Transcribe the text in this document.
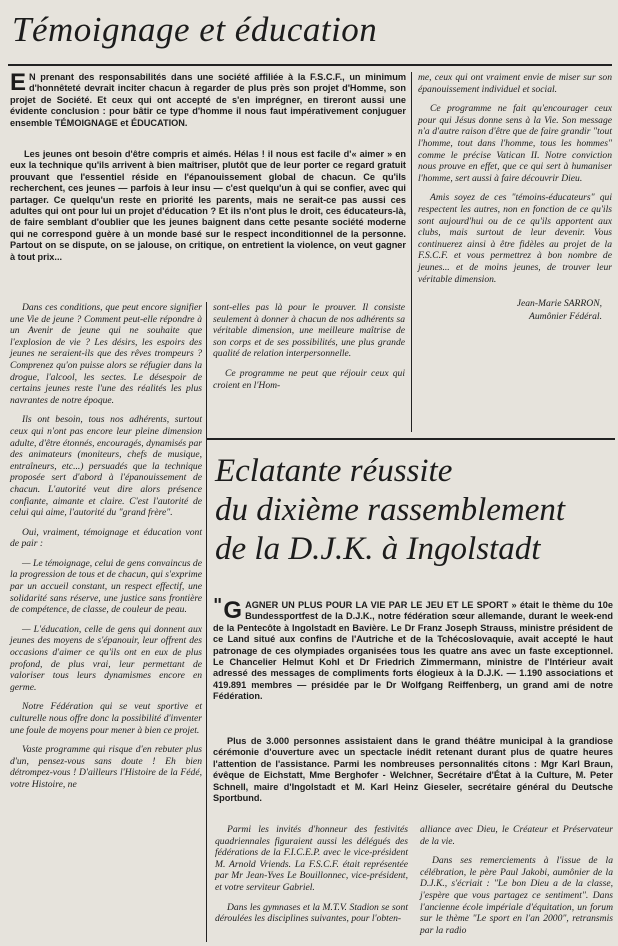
Témoignage et éducation
E N prenant des responsabilités dans une société affiliée à la F.S.C.F., un minimum d'honnêteté devrait inciter chacun à regarder de plus près son projet d'Homme, son projet de Société. Et ceux qui ont accepté de s'en imprégner, en tireront aussi une évidente conclusion : pour bâtir ce type d'homme il nous faut impérativement conjuguer ensemble TÉMOIGNAGE et ÉDUCATION.

Les jeunes ont besoin d'être compris et aimés. Hélas ! il nous est facile d'« aimer » en eux la technique qu'ils arrivent à bien maîtriser, plutôt que de leur porter ce regard gratuit prouvant que l'essentiel réside en l'épanouissement global de chacun. Ce qu'ils recherchent, ces jeunes — parfois à leur insu — c'est quelqu'un à qui se confier, avec qui partager. Ce quelqu'un reste en priorité les parents, mais ne serait-ce pas aussi ces adultes qui ont pour lui un projet d'éducation ? Et ils n'ont plus le droit, ces éducateurs-là, de faire semblant d'oublier que les jeunes baignent dans cette pesante société moderne qui ne correspond guère à un monde basé sur le respect inconditionnel de la personne. Partout on se dispute, on se jalouse, on critique, on entretient la violence, on veut gagner à tout prix...

Dans ces conditions, que peut encore signifier une Vie de jeune ? Comment peut-elle répondre à un Avenir de jeune qui ne souhaite que l'explosion de vie ? Les désirs, les espoirs des jeunes ne seraient-ils que des rêves trompeurs ? Comprenez qu'on puisse alors se réfugier dans la drogue, l'alcool, les sectes. Le désespoir de certains jeunes reste l'une des réalités les plus navrantes de notre époque.

Ils ont besoin, tous nos adhérents, surtout ceux qui n'ont pas encore leur pleine dimension adulte, d'être étonnés, encouragés, dynamisés par des animateurs (moniteurs, chefs de musique, entraîneurs, etc...) persuadés que la technique proposée sert d'abord à l'épanouissement de chacun. L'autorité veut dire alors présence confiante, aimante et claire. C'est l'autorité de celui qui aime, l'autorité du "grand frère".

Oui, vraiment, témoignage et éducation vont de pair :

— Le témoignage, celui de gens convaincus de la progression de tous et de chacun, qui s'exprime par un accueil constant, un respect effectif, une solidarité sans réserve, une justice sans frontière de compétence, de classe, de couleur de peau.

— L'éducation, celle de gens qui donnent aux jeunes des moyens de s'épanouir, leur offrent des occasions d'aimer ce qu'ils ont en eux de plus profond, de plus vrai, leur permettant de valoriser tous leurs dynamismes encore en germe.

Notre Fédération qui se veut sportive et culturelle nous offre donc la possibilité d'inventer une foule de moyens pour mener à bien ce projet.

Vaste programme qui risque d'en rebuter plus d'un, pensez-vous sans doute ! Eh bien détrompez-vous ! D'ailleurs l'Histoire de la Fédé, votre Histoire, ne

sont-elles pas là pour le prouver. Il consiste seulement à donner à chacun de nos adhérents sa véritable dimension, une meilleure maîtrise de son corps et de ses possibilités, une plus grande qualité de relation interpersonnelle.

Ce programme ne peut que réjouir ceux qui croient en l'Hom-

me, ceux qui ont vraiment envie de miser sur son épanouissement individuel et social.

Ce programme ne fait qu'encourager ceux pour qui Jésus donne sens à la Vie. Son message n'a d'autre raison d'être que de faire grandir "tout l'homme, tout dans l'homme, tous les hommes" comme le précise Vatican II. Notre conviction nous prouve en effet, que ce qui sert à humaniser l'homme, sert aussi à faire découvrir Dieu.

Amis soyez de ces "témoins-éducateurs" qui respectent les autres, non en fonction de ce qu'ils sont aujourd'hui ou de ce qu'ils apportent aux clubs, mais surtout de leur devenir. Vous continuerez ainsi à être fidèles au projet de la F.S.C.F. et vous permettrez à bon nombre de jeunes... et de moins jeunes, de trouver leur véritable dimension.

Jean-Marie SARRON,

Aumônier Fédéral.

Eclatante réussite
du dixième rassemblement
de la D.J.K. à Ingolstadt
" G AGNER UN PLUS POUR LA VIE PAR LE JEU ET LE SPORT » était le thème du 10e Bundessportfest de la D.J.K., notre fédération sœur allemande, durant le week-end de la Pentecôte à Ingolstadt en Bavière. Le Dr Franz Joseph Strauss, ministre président de ce Land situé aux confins de l'Autriche et de la Tchécoslovaquie, avait accepté le haut patronage de ces olympiades organisées tous les quatre ans avec un faste exceptionnel. Le Chancelier Helmut Kohl et Dr Friedrich Zimmermann, ministre de l'Intérieur avait adressé des messages de compliments forts élogieux à la D.J.K. — 1.190 associations et 419.891 membres — présidée par le Dr Wolfgang Reiffenberg, un grand ami de notre Fédération.

Plus de 3.000 personnes assistaient dans le grand théâtre municipal à la grandiose cérémonie d'ouverture avec un spectacle inédit retenant durant plus de quatre heures l'attention de l'assistance. Parmi les nombreuses personnalités citons : Mgr Karl Braun, évêque de Eichstatt, Mme Berghofer - Welchner, Secrétaire d'État à la Culture, M. Peter Schnell, maire d'Ingolstadt et M. Karl Heinz Gieseler, secrétaire général du Deutsche Sportbund.

Parmi les invités d'honneur des festivités quadriennales figuraient aussi les délégués des fédérations de la F.I.C.E.P. avec le vice-président M. Arnold Vriends. La F.S.C.F. était représentée par Mr Jean-Yves Le Bouillonnec, vice-président, et votre serviteur Gabriel.

Dans les gymnases et la M.T.V. Stadion se sont déroulées les disciplines suivantes, pour l'obten-

alliance avec Dieu, le Créateur et Préservateur de la vie.

Dans ses remerciements à l'issue de la célébration, le père Paul Jakobi, aumônier de la D.J.K., s'écriait : "Le bon Dieu a de la classe, j'espère que vous partagez ce sentiment". Dans l'ancienne école impériale d'équitation, un forum sur le thème "Le sport en l'an 2000", retransmis par la radio
